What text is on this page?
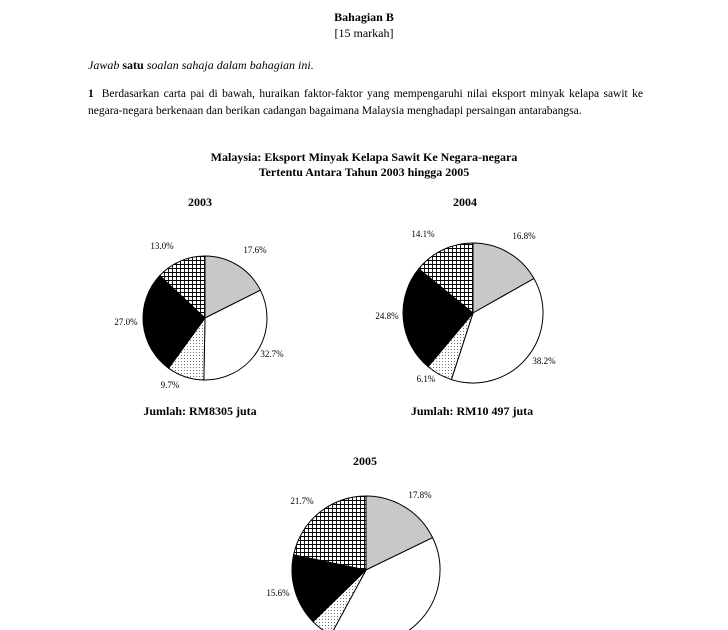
Bahagian B
[15 markah]
Jawab satu soalan sahaja dalam bahagian ini.
1 Berdasarkan carta pai di bawah, huraikan faktor-faktor yang mempengaruhi nilai eksport minyak kelapa sawit ke negara-negara berkenaan dan berikan cadangan bagaimana Malaysia menghadapi persaingan antarabangsa.
Malaysia: Eksport Minyak Kelapa Sawit Ke Negara-negara
Tertentu Antara Tahun 2003 hingga 2005
2003
17.6%
32.7%
9.7%
27.0%
13.0%
Jumlah: RM8305 juta
2004
16.8%
38.2%
6.1%
24.8%
14.1%
Jumlah: RM10 497 juta
2005
17.8%
15.6%
21.7%
